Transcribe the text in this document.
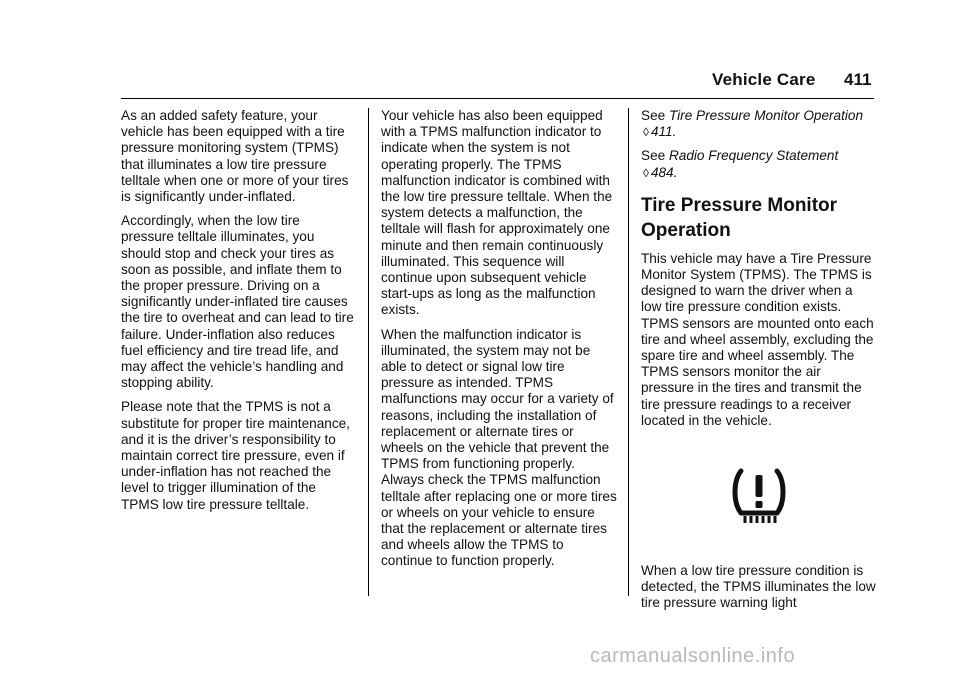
Vehicle Care 411

As an added safety feature, your vehicle has been equipped with a tire pressure monitoring system (TPMS) that illuminates a low tire pressure telltale when one or more of your tires is significantly under-inflated.

Accordingly, when the low tire pressure telltale illuminates, you should stop and check your tires as soon as possible, and inflate them to the proper pressure. Driving on a significantly under-inflated tire causes the tire to overheat and can lead to tire failure. Under-inflation also reduces fuel efficiency and tire tread life, and may affect the vehicle’s handling and stopping ability.

Please note that the TPMS is not a substitute for proper tire maintenance, and it is the driver’s responsibility to maintain correct tire pressure, even if under-inflation has not reached the level to trigger illumination of the TPMS low tire pressure telltale.

Your vehicle has also been equipped with a TPMS malfunction indicator to indicate when the system is not operating properly. The TPMS malfunction indicator is combined with the low tire pressure telltale. When the system detects a malfunction, the telltale will flash for approximately one minute and then remain continuously illuminated. This sequence will continue upon subsequent vehicle start-ups as long as the malfunction exists.

When the malfunction indicator is illuminated, the system may not be able to detect or signal low tire pressure as intended. TPMS malfunctions may occur for a variety of reasons, including the installation of replacement or alternate tires or wheels on the vehicle that prevent the TPMS from functioning properly. Always check the TPMS malfunction telltale after replacing one or more tires or wheels on your vehicle to ensure that the replacement or alternate tires and wheels allow the TPMS to continue to function properly.

See Tire Pressure Monitor Operation ◊ 411.

See Radio Frequency Statement
◊ 484.

Tire Pressure Monitor Operation

This vehicle may have a Tire Pressure Monitor System (TPMS). The TPMS is designed to warn the driver when a low tire pressure condition exists. TPMS sensors are mounted onto each tire and wheel assembly, excluding the spare tire and wheel assembly. The TPMS sensors monitor the air pressure in the tires and transmit the tire pressure readings to a receiver located in the vehicle.

When a low tire pressure condition is detected, the TPMS illuminates the low tire pressure warning light

carmanualsonline.info
